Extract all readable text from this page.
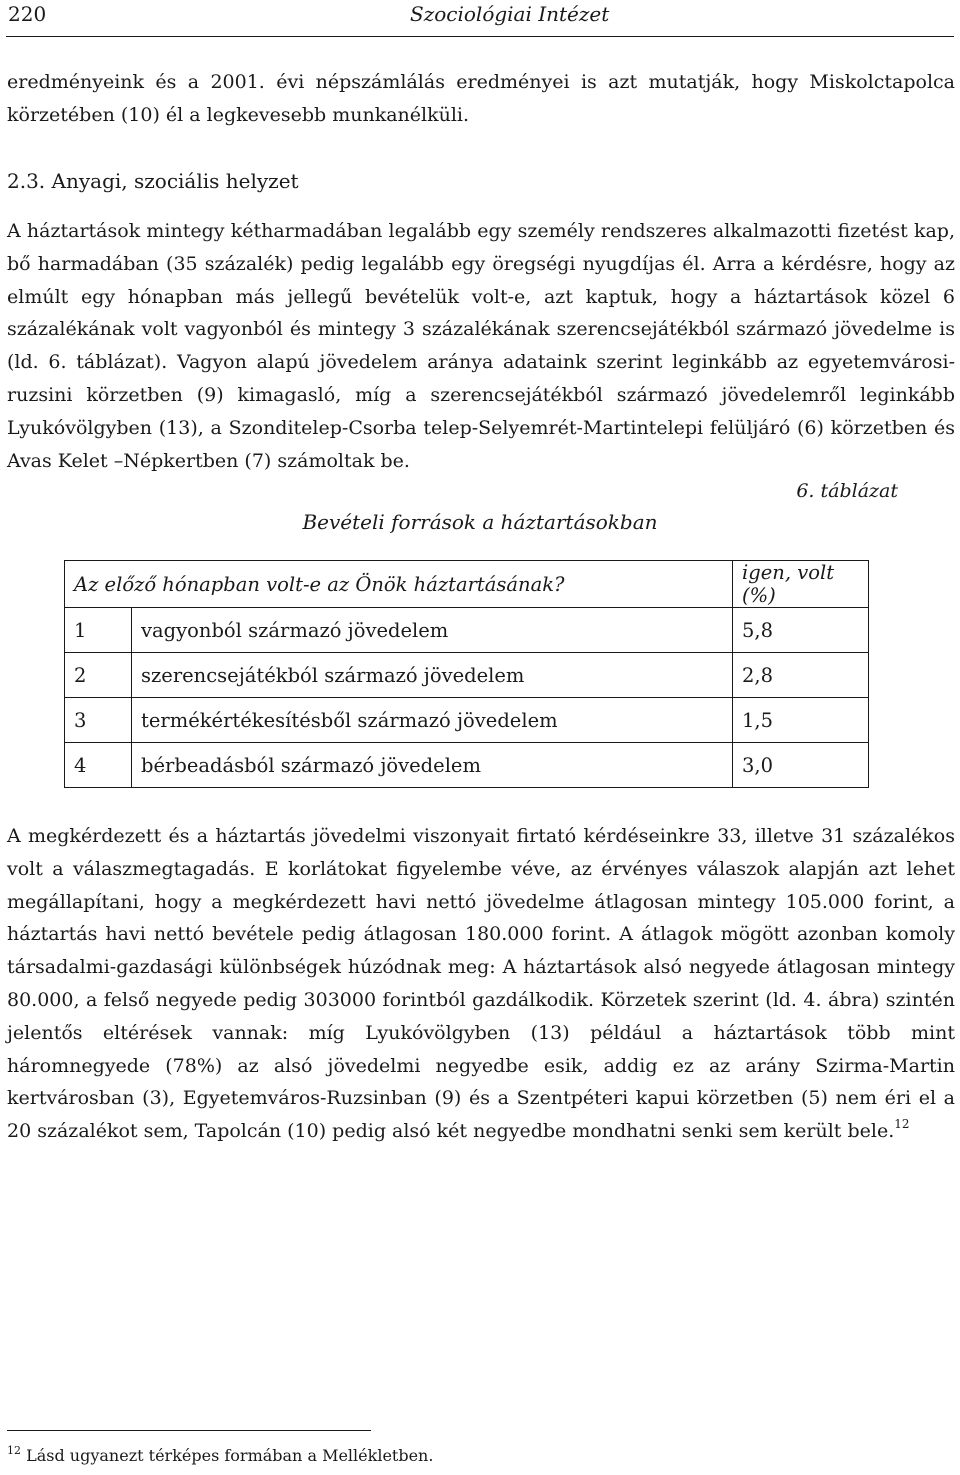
220	Szociológiai Intézet

eredményeink és a 2001. évi népszámlálás eredményei is azt mutatják, hogy Miskolctapolca körzetében (10) él a legkevesebb munkanélküli.

2.3. Anyagi, szociális helyzet

A háztartások mintegy kétharmadában legalább egy személy rendszeres alkalmazotti fizetést kap, bő harmadában (35 százalék) pedig legalább egy öregségi nyugdíjas él. Arra a kérdésre, hogy az elmúlt egy hónapban más jellegű bevételük volt-e, azt kaptuk, hogy a háztartások közel 6 százalékának volt vagyonból és mintegy 3 százalékának szerencsejátékból származó jövedelme is (ld. 6. táblázat). Vagyon alapú jövedelem aránya adataink szerint leginkább az egyetemvárosi-ruzsini körzetben (9) kimagasló, míg a szerencsejátékból származó jövedelemről leginkább Lyukóvölgyben (13), a Szonditelep-Csorba telep-Selyemrét-Martintelepi felüljáró (6) körzetben és Avas Kelet –Népkertben (7) számoltak be.

6. táblázat
Bevételi források a háztartásokban
Az előző hónapban volt-e az Önök háztartásának?		igen, volt (%)
1	vagyonból származó jövedelem	5,8
2	szerencsejátékból származó jövedelem	2,8
3	termékértékesítésből származó jövedelem	1,5
4	bérbeadásból származó jövedelem	3,0

A megkérdezett és a háztartás jövedelmi viszonyait firtató kérdéseinkre 33, illetve 31 százalékos volt a válaszmegtagadás. E korlátokat figyelembe véve, az érvényes válaszok alapján azt lehet megállapítani, hogy a megkérdezett havi nettó jövedelme átlagosan mintegy 105.000 forint, a háztartás havi nettó bevétele pedig átlagosan 180.000 forint. A átlagok mögött azonban komoly társadalmi-gazdasági különbségek húzódnak meg: A háztartások alsó negyede átlagosan mintegy 80.000, a felső negyede pedig 303000 forintból gazdálkodik. Körzetek szerint (ld. 4. ábra) szintén jelentős eltérések vannak: míg Lyukóvölgyben (13) például a háztartások több mint háromnegyede (78%) az alsó jövedelmi negyedbe esik, addig ez az arány Szirma-Martin kertvárosban (3), Egyetemváros-Ruzsinban (9) és a Szentpéteri kapui körzetben (5) nem éri el a 20 százalékot sem, Tapolcán (10) pedig alsó két negyedbe mondhatni senki sem került bele.$^{12}$

$^{12}$ Lásd ugyanezt térképes formában a Mellékletben.
